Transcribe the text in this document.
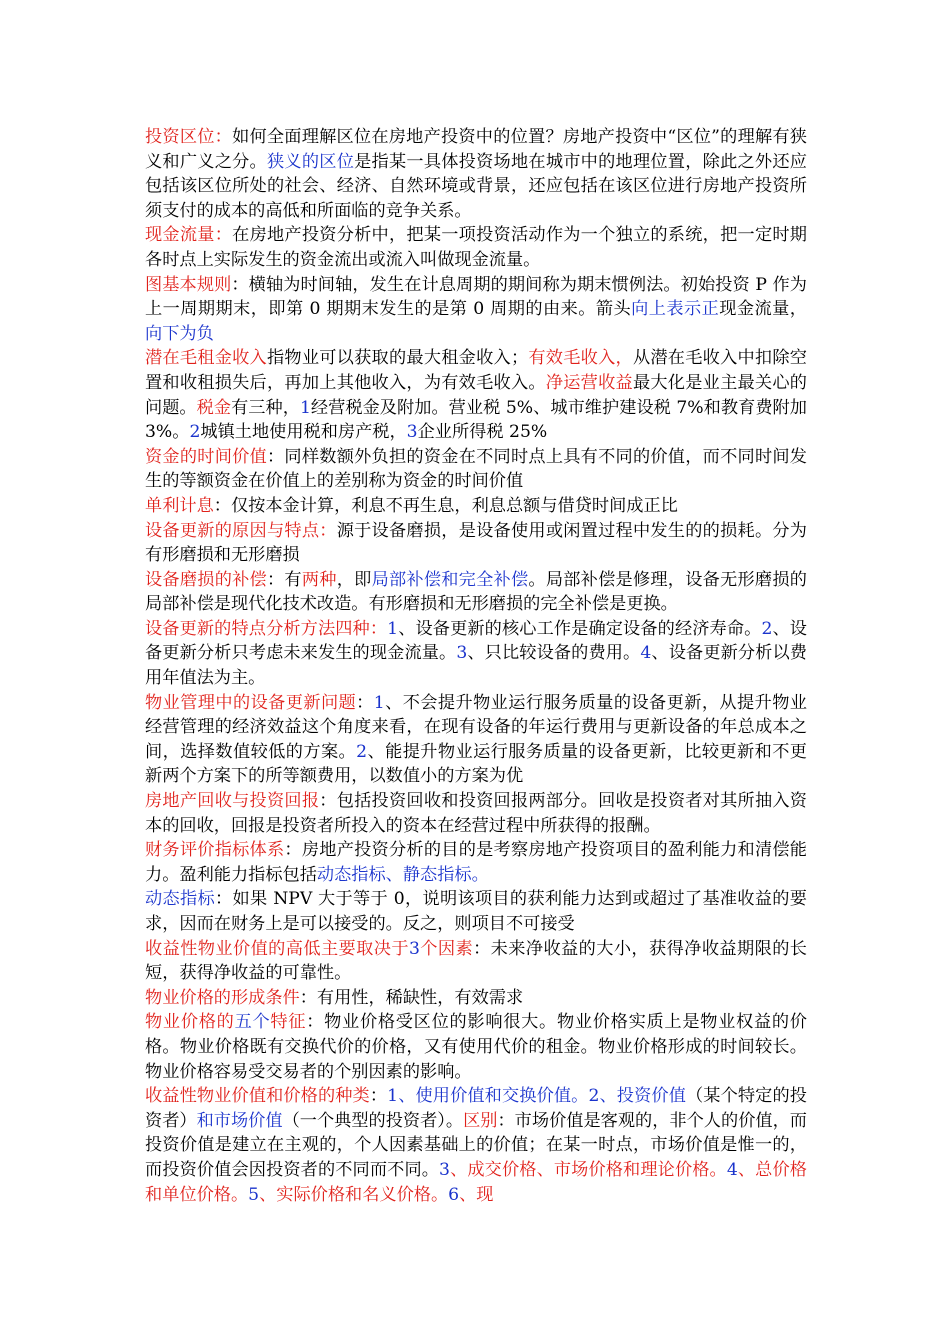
投资区位：如何全面理解区位在房地产投资中的位置？房地产投资中“区位”的理解有狭义和广义之分。狭义的区位是指某一具体投资场地在城市中的地理位置，除此之外还应包括该区位所处的社会、经济、自然环境或背景，还应包括在该区位进行房地产投资所须支付的成本的高低和所面临的竞争关系。

现金流量：在房地产投资分析中，把某一项投资活动作为一个独立的系统，把一定时期各时点上实际发生的资金流出或流入叫做现金流量。

图基本规则：横轴为时间轴，发生在计息周期的期间称为期末惯例法。初始投资 P 作为上一周期期末，即第 0 期期末发生的是第 0 周期的由来。箭头向上表示正现金流量，向下为负

潜在毛租金收入指物业可以获取的最大租金收入；有效毛收入，从潜在毛收入中扣除空置和收租损失后，再加上其他收入，为有效毛收入。净运营收益最大化是业主最关心的问题。税金有三种，1经营税金及附加。营业税 5%、城市维护建设税 7%和教育费附加 3%。2城镇土地使用税和房产税，3企业所得税 25%

资金的时间价值：同样数额外负担的资金在不同时点上具有不同的价值，而不同时间发生的等额资金在价值上的差别称为资金的时间价值

单利计息：仅按本金计算，利息不再生息，利息总额与借贷时间成正比

设备更新的原因与特点：源于设备磨损，是设备使用或闲置过程中发生的的损耗。分为有形磨损和无形磨损

设备磨损的补偿：有两种，即局部补偿和完全补偿。局部补偿是修理，设备无形磨损的局部补偿是现代化技术改造。有形磨损和无形磨损的完全补偿是更换。

设备更新的特点分析方法四种：1、设备更新的核心工作是确定设备的经济寿命。2、设备更新分析只考虑未来发生的现金流量。3、只比较设备的费用。4、设备更新分析以费用年值法为主。

物业管理中的设备更新问题：1、不会提升物业运行服务质量的设备更新，从提升物业经营管理的经济效益这个角度来看，在现有设备的年运行费用与更新设备的年总成本之间，选择数值较低的方案。2、能提升物业运行服务质量的设备更新，比较更新和不更新两个方案下的所等额费用，以数值小的方案为优

房地产回收与投资回报：包括投资回收和投资回报两部分。回收是投资者对其所抽入资本的回收，回报是投资者所投入的资本在经营过程中所获得的报酬。

财务评价指标体系：房地产投资分析的目的是考察房地产投资项目的盈利能力和清偿能力。盈利能力指标包括动态指标、静态指标。

动态指标：如果 NPV 大于等于 0，说明该项目的获利能力达到或超过了基准收益的要求，因而在财务上是可以接受的。反之，则项目不可接受

收益性物业价值的高低主要取决于3个因素：未来净收益的大小，获得净收益期限的长短，获得净收益的可靠性。

物业价格的形成条件：有用性，稀缺性，有效需求

物业价格的五个特征：物业价格受区位的影响很大。物业价格实质上是物业权益的价格。物业价格既有交换代价的价格，又有使用代价的租金。物业价格形成的时间较长。物业价格容易受交易者的个别因素的影响。

收益性物业价值和价格的种类：1、使用价值和交换价值。2、投资价值（某个特定的投资者）和市场价值（一个典型的投资者）。区别：市场价值是客观的，非个人的价值，而投资价值是建立在主观的，个人因素基础上的价值；在某一时点，市场价值是惟一的，而投资价值会因投资者的不同而不同。3、成交价格、市场价格和理论价格。4、总价格和单位价格。5、实际价格和名义价格。6、现
